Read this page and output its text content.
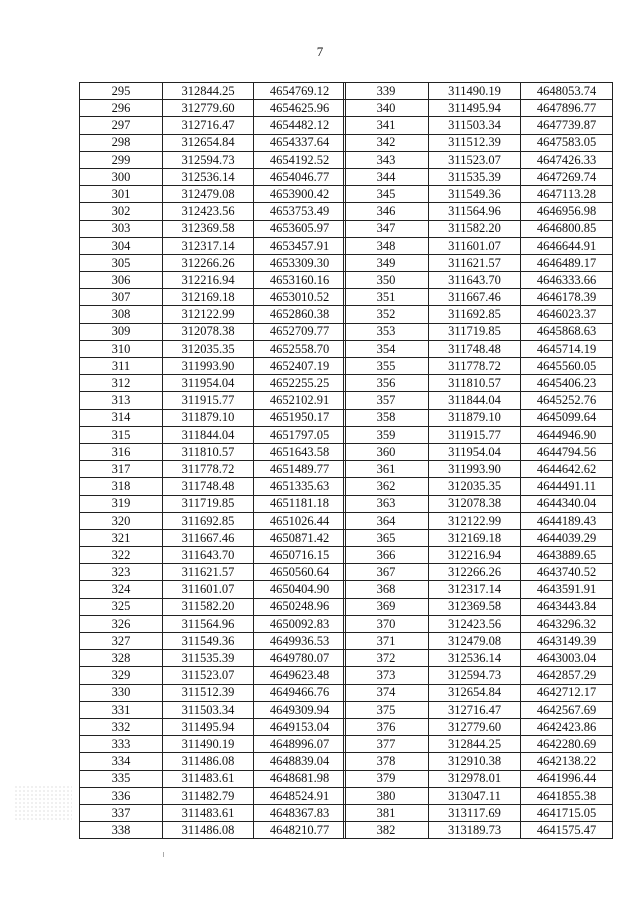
7
295	312844.25	4654769.12
296	312779.60	4654625.96
297	312716.47	4654482.12
298	312654.84	4654337.64
299	312594.73	4654192.52
300	312536.14	4654046.77
301	312479.08	4653900.42
302	312423.56	4653753.49
303	312369.58	4653605.97
304	312317.14	4653457.91
305	312266.26	4653309.30
306	312216.94	4653160.16
307	312169.18	4653010.52
308	312122.99	4652860.38
309	312078.38	4652709.77
310	312035.35	4652558.70
311	311993.90	4652407.19
312	311954.04	4652255.25
313	311915.77	4652102.91
314	311879.10	4651950.17
315	311844.04	4651797.05
316	311810.57	4651643.58
317	311778.72	4651489.77
318	311748.48	4651335.63
319	311719.85	4651181.18
320	311692.85	4651026.44
321	311667.46	4650871.42
322	311643.70	4650716.15
323	311621.57	4650560.64
324	311601.07	4650404.90
325	311582.20	4650248.96
326	311564.96	4650092.83
327	311549.36	4649936.53
328	311535.39	4649780.07
329	311523.07	4649623.48
330	311512.39	4649466.76
331	311503.34	4649309.94
332	311495.94	4649153.04
333	311490.19	4648996.07
334	311486.08	4648839.04
335	311483.61	4648681.98
336	311482.79	4648524.91
337	311483.61	4648367.83
338	311486.08	4648210.77
339	311490.19	4648053.74
340	311495.94	4647896.77
341	311503.34	4647739.87
342	311512.39	4647583.05
343	311523.07	4647426.33
344	311535.39	4647269.74
345	311549.36	4647113.28
346	311564.96	4646956.98
347	311582.20	4646800.85
348	311601.07	4646644.91
349	311621.57	4646489.17
350	311643.70	4646333.66
351	311667.46	4646178.39
352	311692.85	4646023.37
353	311719.85	4645868.63
354	311748.48	4645714.19
355	311778.72	4645560.05
356	311810.57	4645406.23
357	311844.04	4645252.76
358	311879.10	4645099.64
359	311915.77	4644946.90
360	311954.04	4644794.56
361	311993.90	4644642.62
362	312035.35	4644491.11
363	312078.38	4644340.04
364	312122.99	4644189.43
365	312169.18	4644039.29
366	312216.94	4643889.65
367	312266.26	4643740.52
368	312317.14	4643591.91
369	312369.58	4643443.84
370	312423.56	4643296.32
371	312479.08	4643149.39
372	312536.14	4643003.04
373	312594.73	4642857.29
374	312654.84	4642712.17
375	312716.47	4642567.69
376	312779.60	4642423.86
377	312844.25	4642280.69
378	312910.38	4642138.22
379	312978.01	4641996.44
380	313047.11	4641855.38
381	313117.69	4641715.05
382	313189.73	4641575.47
